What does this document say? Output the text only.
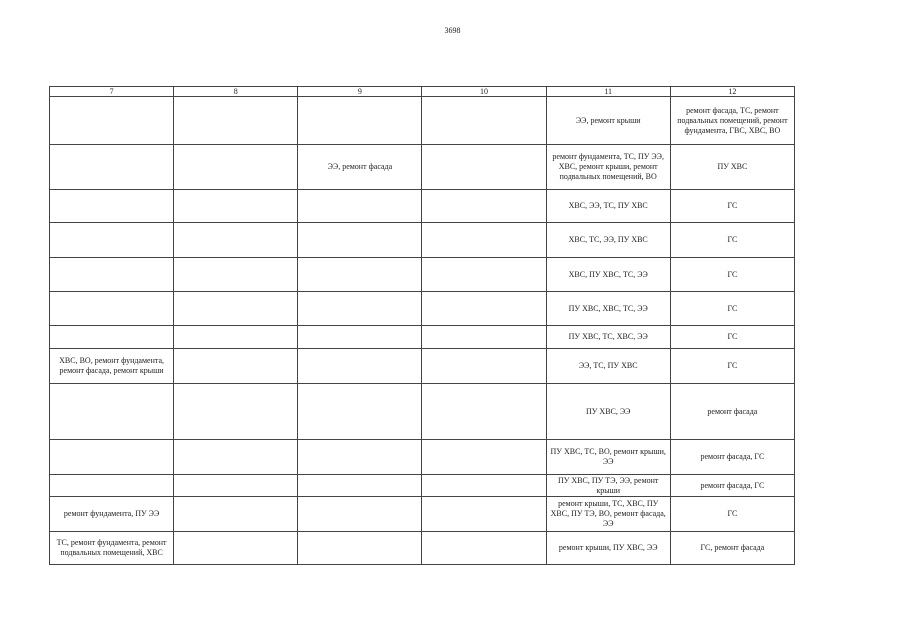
3698
7	8	9	10	11	12
				ЭЭ, ремонт крыши	ремонт фасада, ТС, ремонт подвальных помещений, ремонт фундамента, ГВС, ХВС, ВО
		ЭЭ, ремонт фасада		ремонт фундамента, ТС, ПУ ЭЭ, ХВС, ремонт крыши, ремонт подвальных помещений, ВО	ПУ ХВС
				ХВС, ЭЭ, ТС, ПУ ХВС	ГС
				ХВС, ТС, ЭЭ, ПУ ХВС	ГС
				ХВС, ПУ ХВС, ТС, ЭЭ	ГС
				ПУ ХВС, ХВС, ТС, ЭЭ	ГС
				ПУ ХВС, ТС, ХВС, ЭЭ	ГС
ХВС, ВО, ремонт фундамента, ремонт фасада, ремонт крыши				ЭЭ, ТС, ПУ ХВС	ГС
				ПУ ХВС, ЭЭ	ремонт фасада
				ПУ ХВС, ТС, ВО, ремонт крыши, ЭЭ	ремонт фасада, ГС
				ПУ ХВС, ПУ ТЭ, ЭЭ, ремонт крыши	ремонт фасада, ГС
ремонт фундамента, ПУ ЭЭ				ремонт крыши, ТС, ХВС, ПУ ХВС, ПУ ТЭ, ВО, ремонт фасада, ЭЭ	ГС
ТС, ремонт фундамента, ремонт подвальных помещений, ХВС				ремонт крыши, ПУ ХВС, ЭЭ	ГС, ремонт фасада
